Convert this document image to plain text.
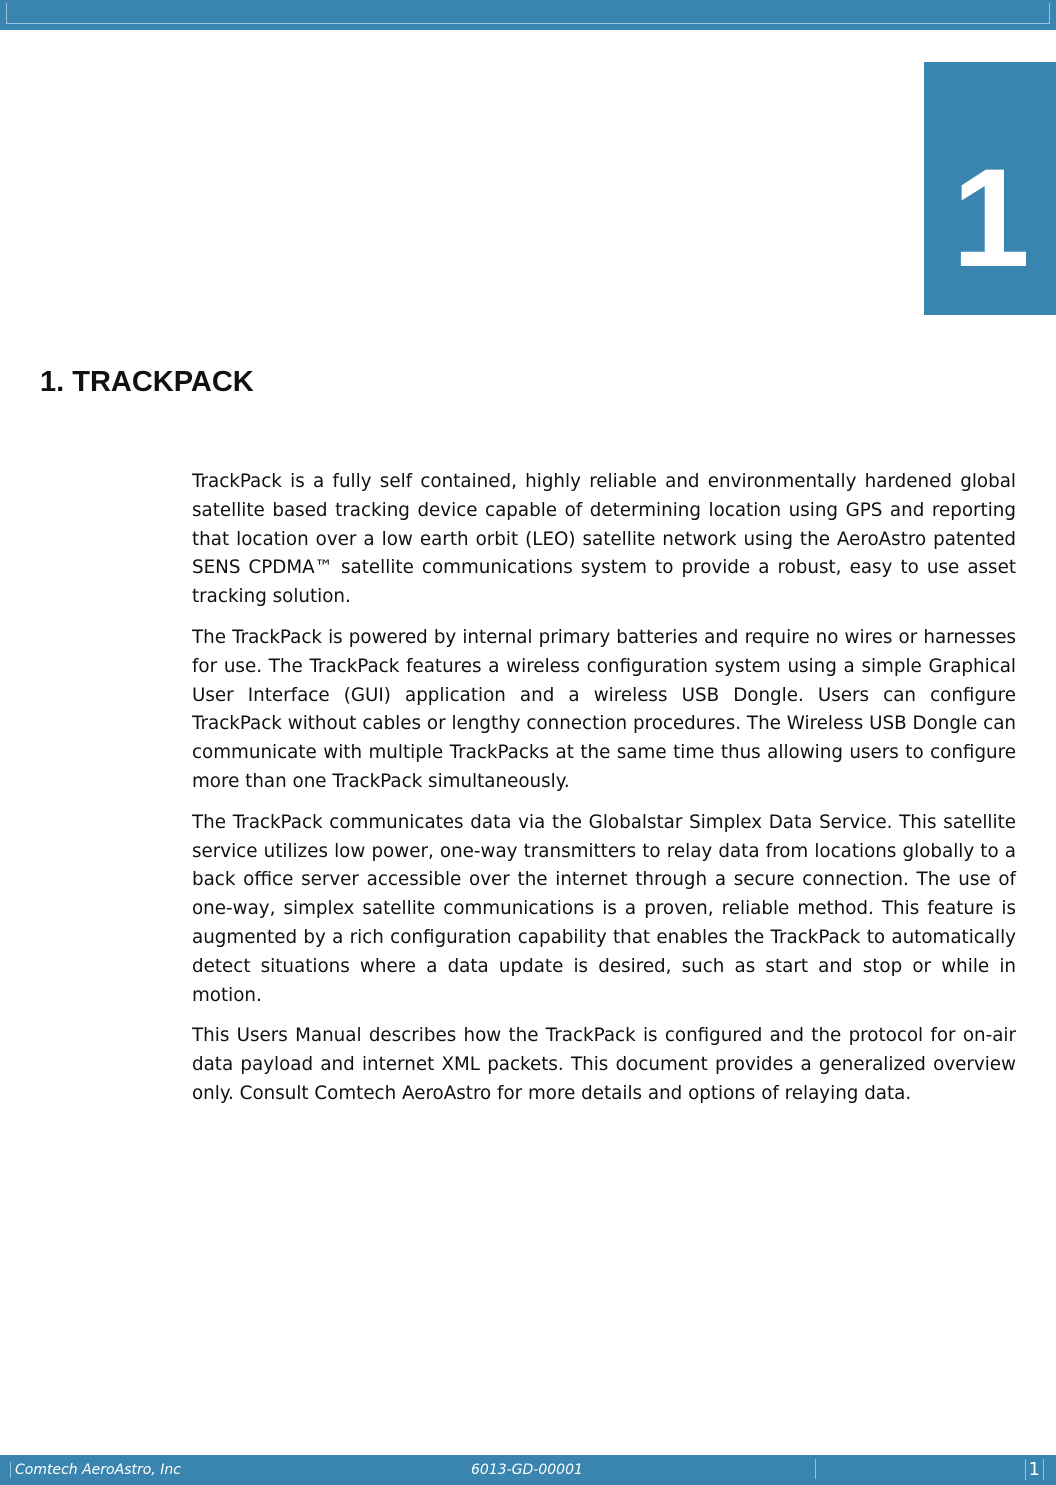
1
1. TRACKPACK

TrackPack is a fully self contained, highly reliable and environmentally hardened global satellite based tracking device capable of determining location using GPS and reporting that location over a low earth orbit (LEO) satellite network using the AeroAstro patented SENS CPDMA™ satellite communications system to provide a robust, easy to use asset tracking solution.

The TrackPack is powered by internal primary batteries and require no wires or harnesses for use. The TrackPack features a wireless configuration system using a simple Graphical User Interface (GUI) application and a wireless USB Dongle. Users can configure TrackPack without cables or lengthy connection procedures. The Wireless USB Dongle can communicate with multiple TrackPacks at the same time thus allowing users to configure more than one TrackPack simultaneously.

The TrackPack communicates data via the Globalstar Simplex Data Service. This satellite service utilizes low power, one-way transmitters to relay data from locations globally to a back office server accessible over the internet through a secure connection. The use of one-way, simplex satellite communications is a proven, reliable method. This feature is augmented by a rich configuration capability that enables the TrackPack to automatically detect situations where a data update is desired, such as start and stop or while in motion.

This Users Manual describes how the TrackPack is configured and the protocol for on-air data payload and internet XML packets. This document provides a generalized overview only. Consult Comtech AeroAstro for more details and options of relaying data.

Comtech AeroAstro, Inc	6013-GD-00001	1
